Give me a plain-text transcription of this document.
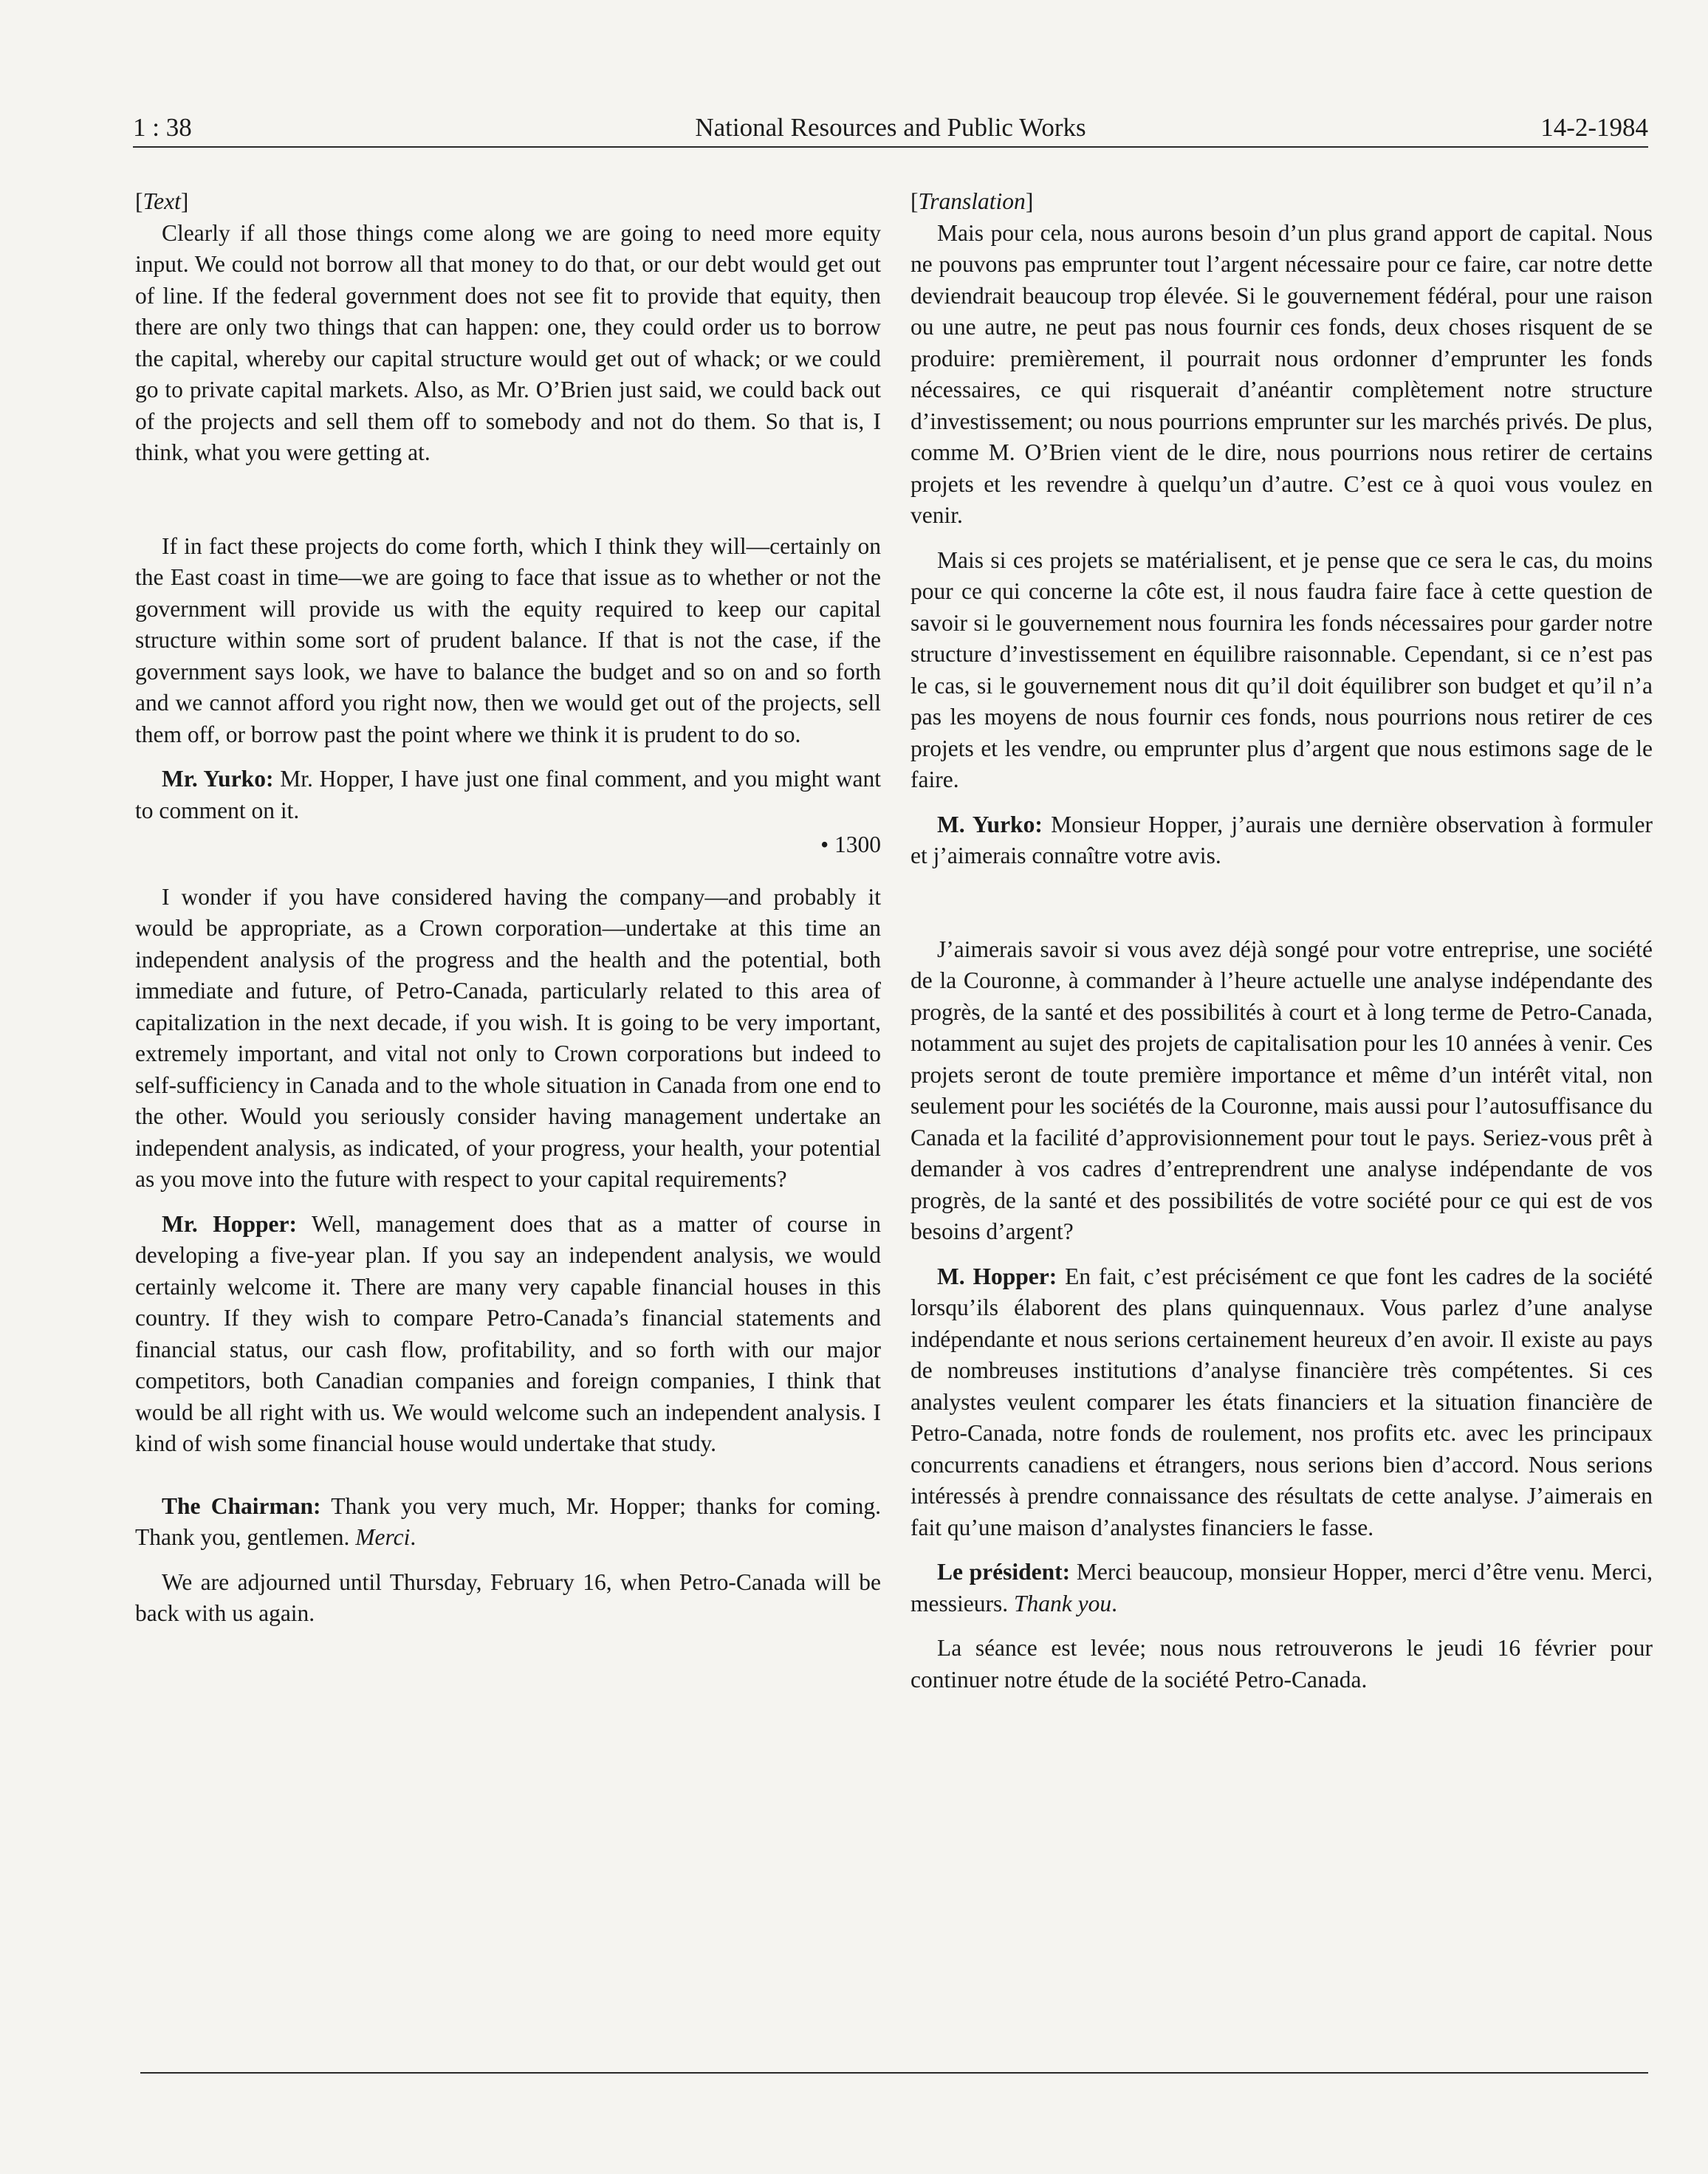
1 : 38	National Resources and Public Works	14-2-1984

[Text]

Clearly if all those things come along we are going to need more equity input. We could not borrow all that money to do that, or our debt would get out of line. If the federal government does not see fit to provide that equity, then there are only two things that can happen: one, they could order us to borrow the capital, whereby our capital structure would get out of whack; or we could go to private capital markets. Also, as Mr. O’Brien just said, we could back out of the projects and sell them off to somebody and not do them. So that is, I think, what you were getting at.

If in fact these projects do come forth, which I think they will—certainly on the East coast in time—we are going to face that issue as to whether or not the government will provide us with the equity required to keep our capital structure within some sort of prudent balance. If that is not the case, if the government says look, we have to balance the budget and so on and so forth and we cannot afford you right now, then we would get out of the projects, sell them off, or borrow past the point where we think it is prudent to do so.

Mr. Yurko: Mr. Hopper, I have just one final comment, and you might want to comment on it.

• 1300

I wonder if you have considered having the company—and probably it would be appropriate, as a Crown corporation—undertake at this time an independent analysis of the progress and the health and the potential, both immediate and future, of Petro-Canada, particularly related to this area of capitalization in the next decade, if you wish. It is going to be very important, extremely important, and vital not only to Crown corporations but indeed to self-sufficiency in Canada and to the whole situation in Canada from one end to the other. Would you seriously consider having management undertake an independent analysis, as indicated, of your progress, your health, your potential as you move into the future with respect to your capital requirements?

Mr. Hopper: Well, management does that as a matter of course in developing a five-year plan. If you say an independent analysis, we would certainly welcome it. There are many very capable financial houses in this country. If they wish to compare Petro-Canada’s financial statements and financial status, our cash flow, profitability, and so forth with our major competitors, both Canadian companies and foreign companies, I think that would be all right with us. We would welcome such an independent analysis. I kind of wish some financial house would undertake that study.

The Chairman: Thank you very much, Mr. Hopper; thanks for coming. Thank you, gentlemen. Merci.

We are adjourned until Thursday, February 16, when Petro-Canada will be back with us again.

[Translation]

Mais pour cela, nous aurons besoin d’un plus grand apport de capital. Nous ne pouvons pas emprunter tout l’argent nécessaire pour ce faire, car notre dette deviendrait beaucoup trop élevée. Si le gouvernement fédéral, pour une raison ou une autre, ne peut pas nous fournir ces fonds, deux choses risquent de se produire: premièrement, il pourrait nous ordonner d’emprunter les fonds nécessaires, ce qui risquerait d’anéantir complètement notre structure d’investissement; ou nous pourrions emprunter sur les marchés privés. De plus, comme M. O’Brien vient de le dire, nous pourrions nous retirer de certains projets et les revendre à quelqu’un d’autre. C’est ce à quoi vous voulez en venir.

Mais si ces projets se matérialisent, et je pense que ce sera le cas, du moins pour ce qui concerne la côte est, il nous faudra faire face à cette question de savoir si le gouvernement nous fournira les fonds nécessaires pour garder notre structure d’investissement en équilibre raisonnable. Cependant, si ce n’est pas le cas, si le gouvernement nous dit qu’il doit équilibrer son budget et qu’il n’a pas les moyens de nous fournir ces fonds, nous pourrions nous retirer de ces projets et les vendre, ou emprunter plus d’argent que nous estimons sage de le faire.

M. Yurko: Monsieur Hopper, j’aurais une dernière observation à formuler et j’aimerais connaître votre avis.

J’aimerais savoir si vous avez déjà songé pour votre entreprise, une société de la Couronne, à commander à l’heure actuelle une analyse indépendante des progrès, de la santé et des possibilités à court et à long terme de Petro-Canada, notamment au sujet des projets de capitalisation pour les 10 années à venir. Ces projets seront de toute première importance et même d’un intérêt vital, non seulement pour les sociétés de la Couronne, mais aussi pour l’autosuffisance du Canada et la facilité d’approvisionnement pour tout le pays. Seriez-vous prêt à demander à vos cadres d’entreprendrent une analyse indépendante de vos progrès, de la santé et des possibilités de votre société pour ce qui est de vos besoins d’argent?

M. Hopper: En fait, c’est précisément ce que font les cadres de la société lorsqu’ils élaborent des plans quinquennaux. Vous parlez d’une analyse indépendante et nous serions certainement heureux d’en avoir. Il existe au pays de nombreuses institutions d’analyse financière très compétentes. Si ces analystes veulent comparer les états financiers et la situation financière de Petro-Canada, notre fonds de roulement, nos profits etc. avec les principaux concurrents canadiens et étrangers, nous serions bien d’accord. Nous serions intéressés à prendre connaissance des résultats de cette analyse. J’aimerais en fait qu’une maison d’analystes financiers le fasse.

Le président: Merci beaucoup, monsieur Hopper, merci d’être venu. Merci, messieurs. Thank you.

La séance est levée; nous nous retrouverons le jeudi 16 février pour continuer notre étude de la société Petro-Canada.
